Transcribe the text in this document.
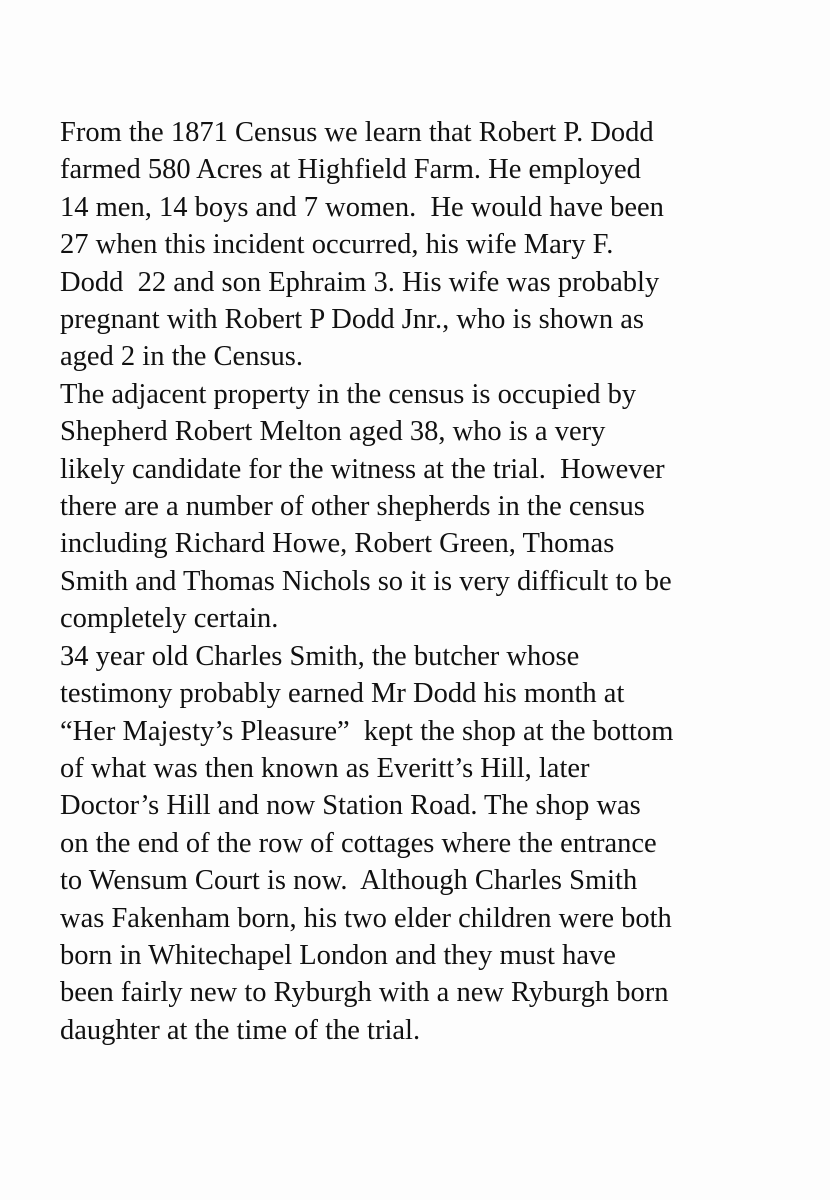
From the 1871 Census we learn that Robert P. Dodd
farmed 580 Acres at Highfield Farm. He employed
14 men, 14 boys and 7 women.  He would have been
27 when this incident occurred, his wife Mary F.
Dodd  22 and son Ephraim 3. His wife was probably
pregnant with Robert P Dodd Jnr., who is shown as
aged 2 in the Census.
The adjacent property in the census is occupied by
Shepherd Robert Melton aged 38, who is a very
likely candidate for the witness at the trial.  However
there are a number of other shepherds in the census
including Richard Howe, Robert Green, Thomas
Smith and Thomas Nichols so it is very difficult to be
completely certain.
34 year old Charles Smith, the butcher whose
testimony probably earned Mr Dodd his month at
“Her Majesty’s Pleasure”  kept the shop at the bottom
of what was then known as Everitt’s Hill, later
Doctor’s Hill and now Station Road. The shop was
on the end of the row of cottages where the entrance
to Wensum Court is now.  Although Charles Smith
was Fakenham born, his two elder children were both
born in Whitechapel London and they must have
been fairly new to Ryburgh with a new Ryburgh born
daughter at the time of the trial.
